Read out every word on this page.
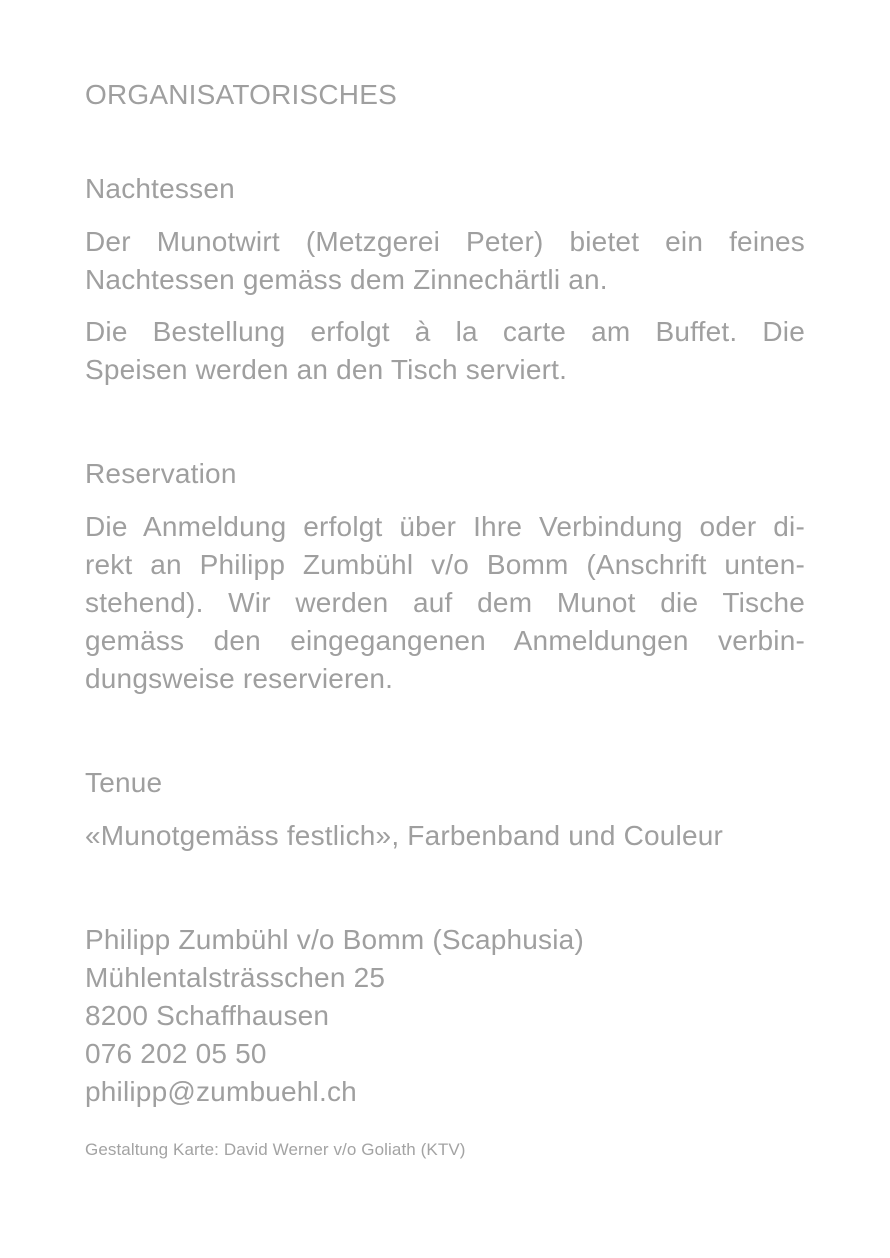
ORGANISATORISCHES
Nachtessen
Der Munotwirt (Metzgerei Peter) bietet ein feines
Nachtessen gemäss dem Zinnechärtli an.
Die Bestellung erfolgt à la carte am Buffet. Die
Speisen werden an den Tisch serviert.
Reservation
Die Anmeldung erfolgt über Ihre Verbindung oder di-
rekt an Philipp Zumbühl v/o Bomm (Anschrift unten-
stehend). Wir werden auf dem Munot die Tische
gemäss den eingegangenen Anmeldungen verbin-
dungsweise reservieren.
Tenue
«Munotgemäss festlich», Farbenband und Couleur
Philipp Zumbühl v/o Bomm (Scaphusia)
Mühlentalsträsschen 25
8200 Schaffhausen
076 202 05 50
philipp@zumbuehl.ch
Gestaltung Karte: David Werner v/o Goliath (KTV)
